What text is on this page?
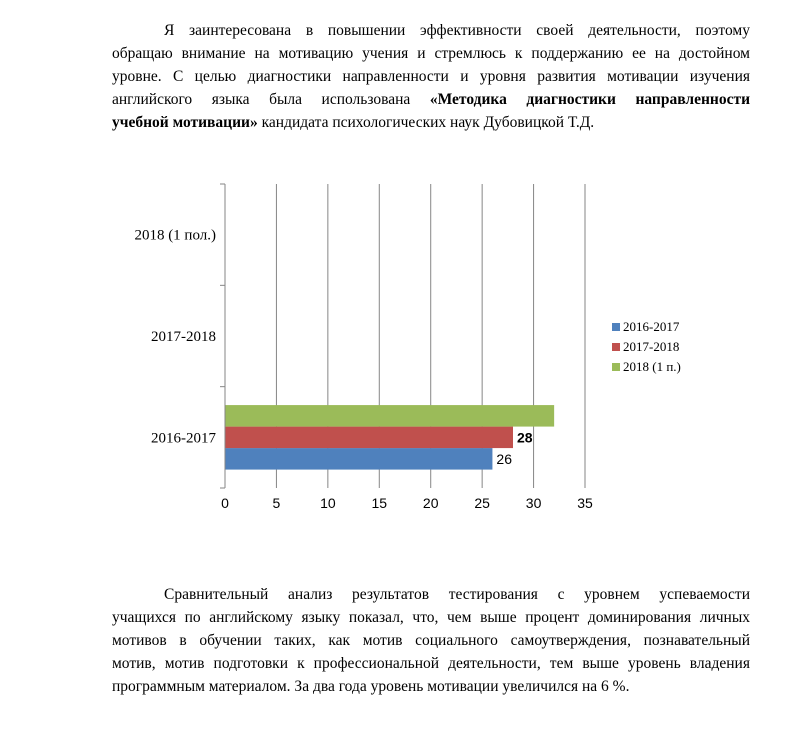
Я заинтересована в повышении эффективности своей деятельности, поэтому
обращаю внимание на мотивацию учения и стремлюсь к поддержанию ее на достойном
уровне. С целью диагностики направленности и уровня развития мотивации изучения
английского языка была использована «Методика диагностики направленности
учебной мотивации» кандидата психологических наук Дубовицкой Т.Д.
0	5	10	15	20	25	30	35
2016-2017
2017-2018
2018 (1 пол.)
26
28
2016-2017
2017-2018
2018 (1 п.)
Сравнительный анализ результатов тестирования с уровнем успеваемости
учащихся по английскому языку показал, что, чем выше процент доминирования личных
мотивов в обучении таких, как мотив социального самоутверждения, познавательный
мотив, мотив подготовки к профессиональной деятельности, тем выше уровень владения
программным материалом. За два года уровень мотивации увеличился на 6 %.
